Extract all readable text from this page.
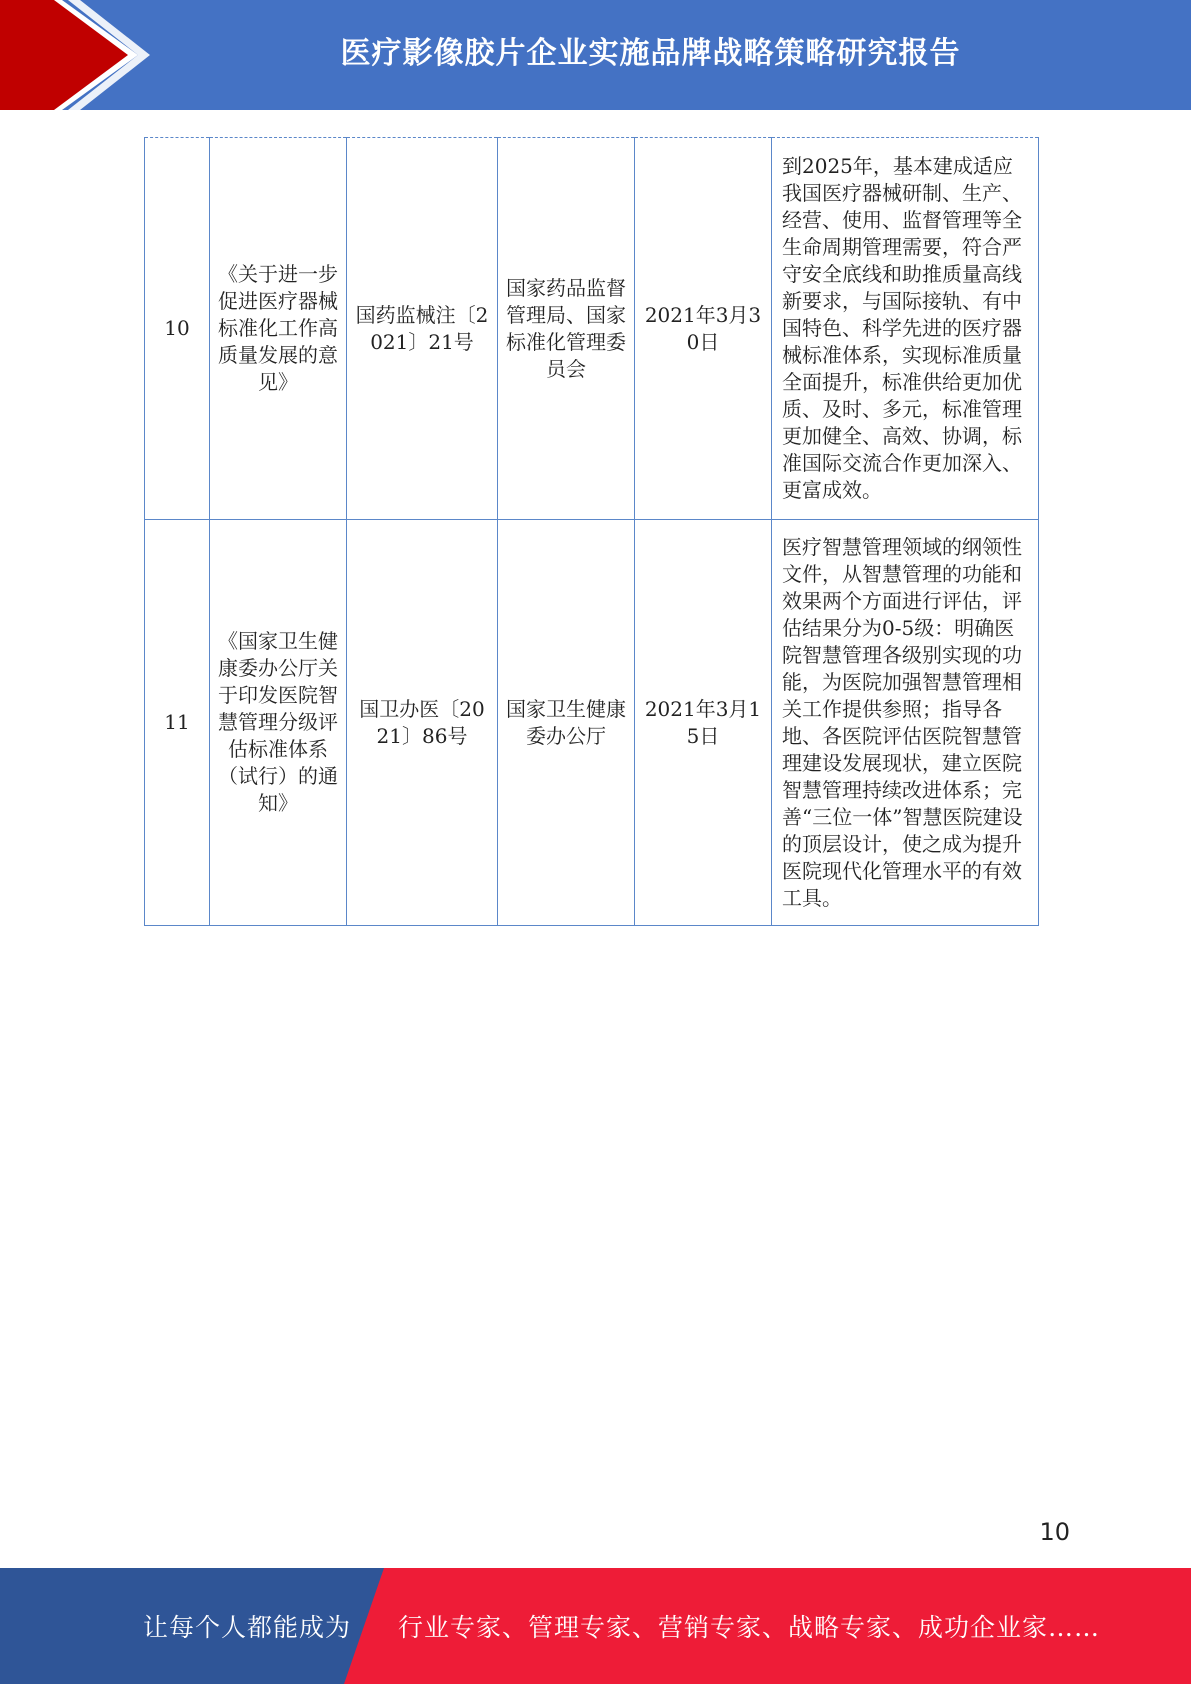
医疗影像胶片企业实施品牌战略策略研究报告
10	《关于进一步促进医疗器械标准化工作高质量发展的意见》	国药监械注〔2021〕21号	国家药品监督管理局、国家标准化管理委员会	2021年3月30日	到2025年，基本建成适应我国医疗器械研制、生产、经营、使用、监督管理等全生命周期管理需要，符合严守安全底线和助推质量高线新要求，与国际接轨、有中国特色、科学先进的医疗器械标准体系，实现标准质量全面提升，标准供给更加优质、及时、多元，标准管理更加健全、高效、协调，标准国际交流合作更加深入、更富成效。
11	《国家卫生健康委办公厅关于印发医院智慧管理分级评估标准体系（试行）的通知》	国卫办医〔2021〕86号	国家卫生健康委办公厅	2021年3月15日	医疗智慧管理领域的纲领性文件，从智慧管理的功能和效果两个方面进行评估，评估结果分为0-5级：明确医院智慧管理各级别实现的功能，为医院加强智慧管理相关工作提供参照；指导各地、各医院评估医院智慧管理建设发展现状，建立医院智慧管理持续改进体系；完善“三位一体”智慧医院建设的顶层设计，使之成为提升医院现代化管理水平的有效工具。
10
让每个人都能成为 行业专家、管理专家、营销专家、战略专家、成功企业家……
